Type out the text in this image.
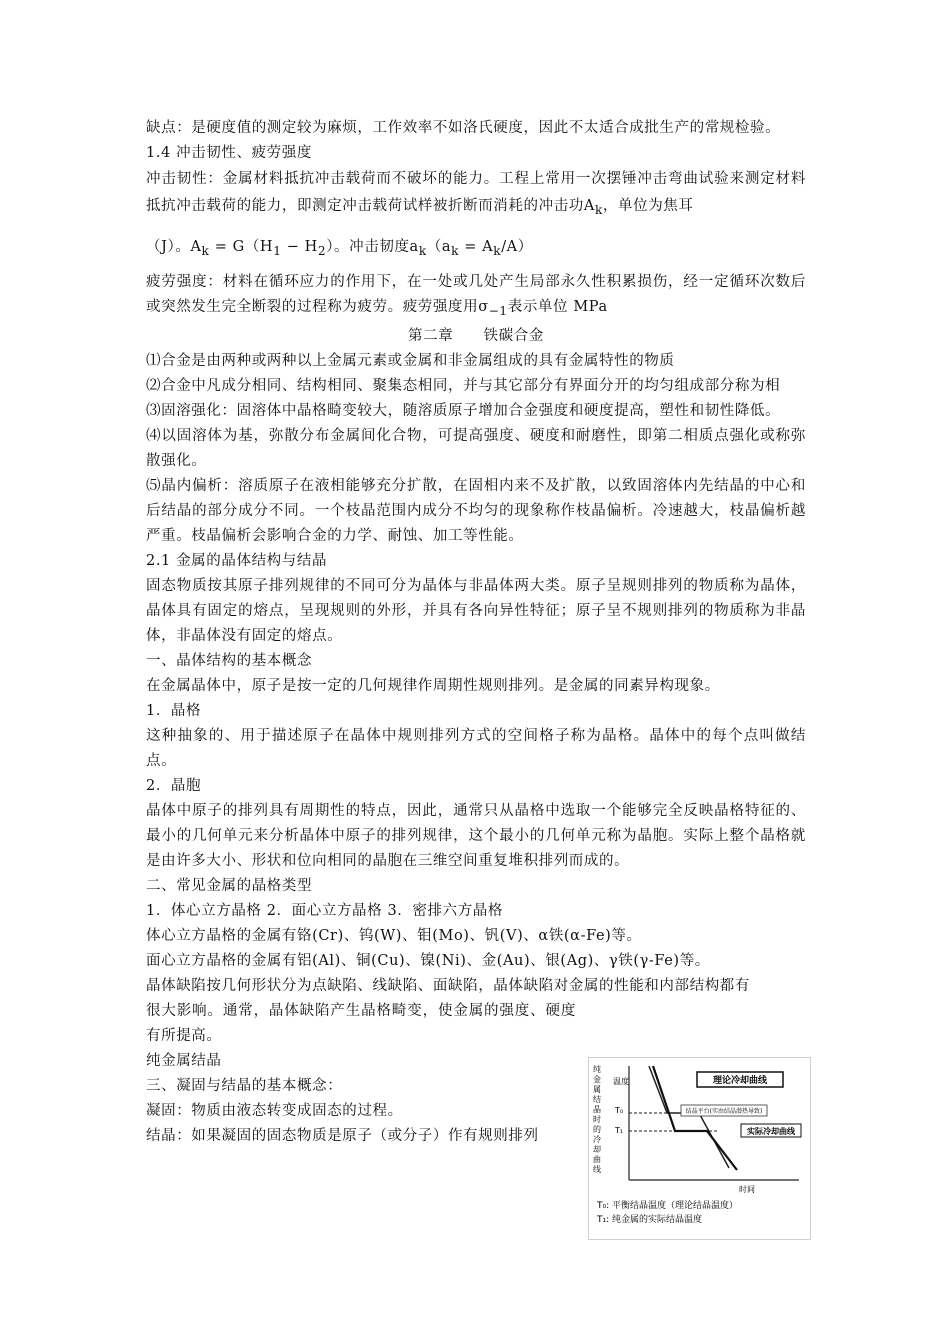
缺点：是硬度值的测定较为麻烦，工作效率不如洛氏硬度，因此不太适合成批生产的常规检验。

1.4 冲击韧性、疲劳强度

冲击韧性：金属材料抵抗冲击载荷而不破坏的能力。工程上常用一次摆锤冲击弯曲试验来测定材料抵抗冲击载荷的能力，即测定冲击载荷试样被折断而消耗的冲击功$A_k$，单位为焦耳

（J）。$A_k = G(H_1 - H_2)$。冲击韧度$a_k(a_k = A_k/A)$

疲劳强度：材料在循环应力的作用下，在一处或几处产生局部永久性积累损伤，经一定循环次数后或突然发生完全断裂的过程称为疲劳。疲劳强度用$\sigma_{-1}$表示单位 MPa

第二章　　铁碳合金

⑴合金是由两种或两种以上金属元素或金属和非金属组成的具有金属特性的物质

⑵合金中凡成分相同、结构相同、聚集态相同，并与其它部分有界面分开的均匀组成部分称为相

⑶固溶强化：固溶体中晶格畸变较大，随溶质原子增加合金强度和硬度提高，塑性和韧性降低。

⑷以固溶体为基，弥散分布金属间化合物，可提高强度、硬度和耐磨性，即第二相质点强化或称弥散强化。

⑸晶内偏析：溶质原子在液相能够充分扩散，在固相内来不及扩散，以致固溶体内先结晶的中心和后结晶的部分成分不同。一个枝晶范围内成分不均匀的现象称作枝晶偏析。冷速越大，枝晶偏析越严重。枝晶偏析会影响合金的力学、耐蚀、加工等性能。

2.1 金属的晶体结构与结晶

固态物质按其原子排列规律的不同可分为晶体与非晶体两大类。原子呈规则排列的物质称为晶体，晶体具有固定的熔点，呈现规则的外形，并具有各向异性特征；原子呈不规则排列的物质称为非晶体，非晶体没有固定的熔点。

一、晶体结构的基本概念

在金属晶体中，原子是按一定的几何规律作周期性规则排列。是金属的同素异构现象。

1．晶格

这种抽象的、用于描述原子在晶体中规则排列方式的空间格子称为晶格。晶体中的每个点叫做结点。

2．晶胞

晶体中原子的排列具有周期性的特点，因此，通常只从晶格中选取一个能够完全反映晶格特征的、最小的几何单元来分析晶体中原子的排列规律，这个最小的几何单元称为晶胞。实际上整个晶格就是由许多大小、形状和位向相同的晶胞在三维空间重复堆积排列而成的。

二、常见金属的晶格类型

1．体心立方晶格 2．面心立方晶格 3．密排六方晶格

体心立方晶格的金属有铬(Cr)、钨(W)、钼(Mo)、钒(V)、α铁(α-Fe)等。

面心立方晶格的金属有铝(Al)、铜(Cu)、镍(Ni)、金(Au)、银(Ag)、γ铁(γ-Fe)等。

晶体缺陷按几何形状分为点缺陷、线缺陷、面缺陷，晶体缺陷对金属的性能和内部结构都有

很大影响。通常，晶体缺陷产生晶格畸变，使金属的强度、硬度有所提高。

纯金属结晶

三、凝固与结晶的基本概念：

凝固：物质由液态转变成固态的过程。

结晶：如果凝固的固态物质是原子（或分子）作有规则排列

纯 金 属 结 晶 时 的 冷 却 曲 线
温度
时间
T₀
T₁
理论冷却曲线
结晶平台(实由结晶潜热导致)
实际冷却曲线
T₀: 平衡结晶温度（理论结晶温度）
T₁: 纯金属的实际结晶温度
